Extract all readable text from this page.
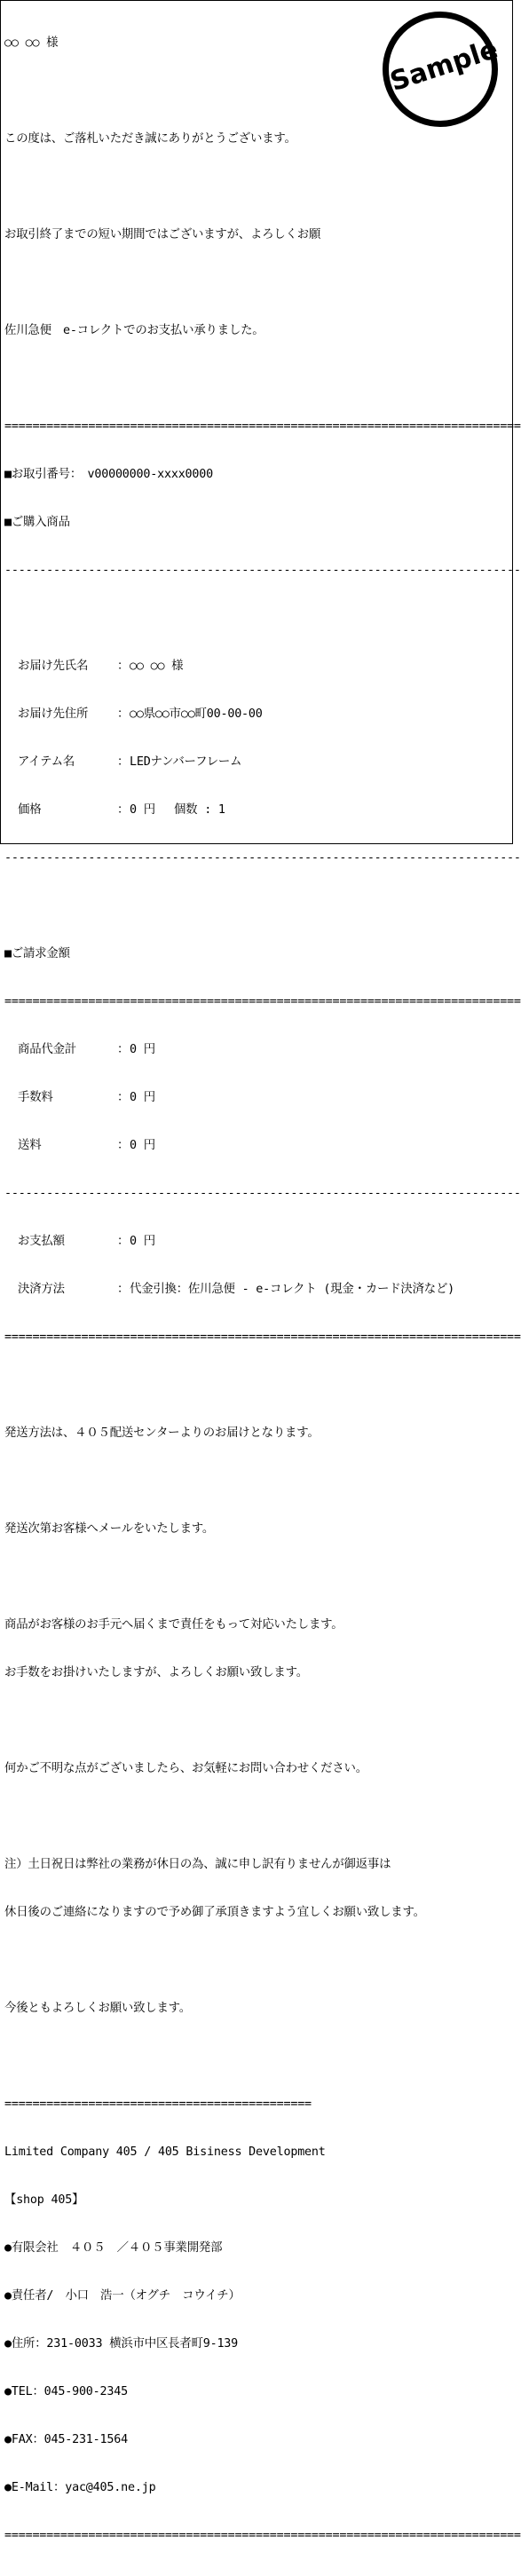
○○ ○○ 様

この度は、ご落札いただき誠にありがとうございます。

お取引終了までの短い期間ではございますが、よろしくお願

佐川急便　e-コレクトでのお支払い承りました。

==========================================================================

■お取引番号：　v00000000-xxxx0000

■ご購入商品

--------------------------------------------------------------------------

お届け先氏名 ：○○ ○○ 様

お届け先住所 ：○○県○○市○○町00-00-00

アイテム名	：LEDナンバーフレーム

価格	：0 円　 個数 : 1

--------------------------------------------------------------------------

■ご請求金額

==========================================================================

商品代金計	：0 円

手数料	：0 円

送料	：0 円

--------------------------------------------------------------------------

お支払額	：0 円

決済方法	：代金引換：佐川急便 - e-コレクト (現金・カード決済など)

==========================================================================

発送方法は、４０５配送センターよりのお届けとなります。

発送次第お客様へメールをいたします。

商品がお客様のお手元へ届くまで責任をもって対応いたします。

お手数をお掛けいたしますが、よろしくお願い致します。

何かご不明な点がございましたら、お気軽にお問い合わせください。

注）土日祝日は弊社の業務が休日の為、誠に申し訳有りませんが御返事は

休日後のご連絡になりますので予め御了承頂きますよう宜しくお願い致します。

今後ともよろしくお願い致します。

============================================

Limited Company 405 / 405 Bisiness Development

【shop 405】

●有限会社　４０５　／４０５事業開発部

●責任者/　小口　浩一（オグチ　コウイチ）

●住所：231-0033 横浜市中区長者町9-139

●TEL：045-900-2345

●FAX：045-231-1564

●E-Mail：yac@405.ne.jp

==========================================================================

Sample
